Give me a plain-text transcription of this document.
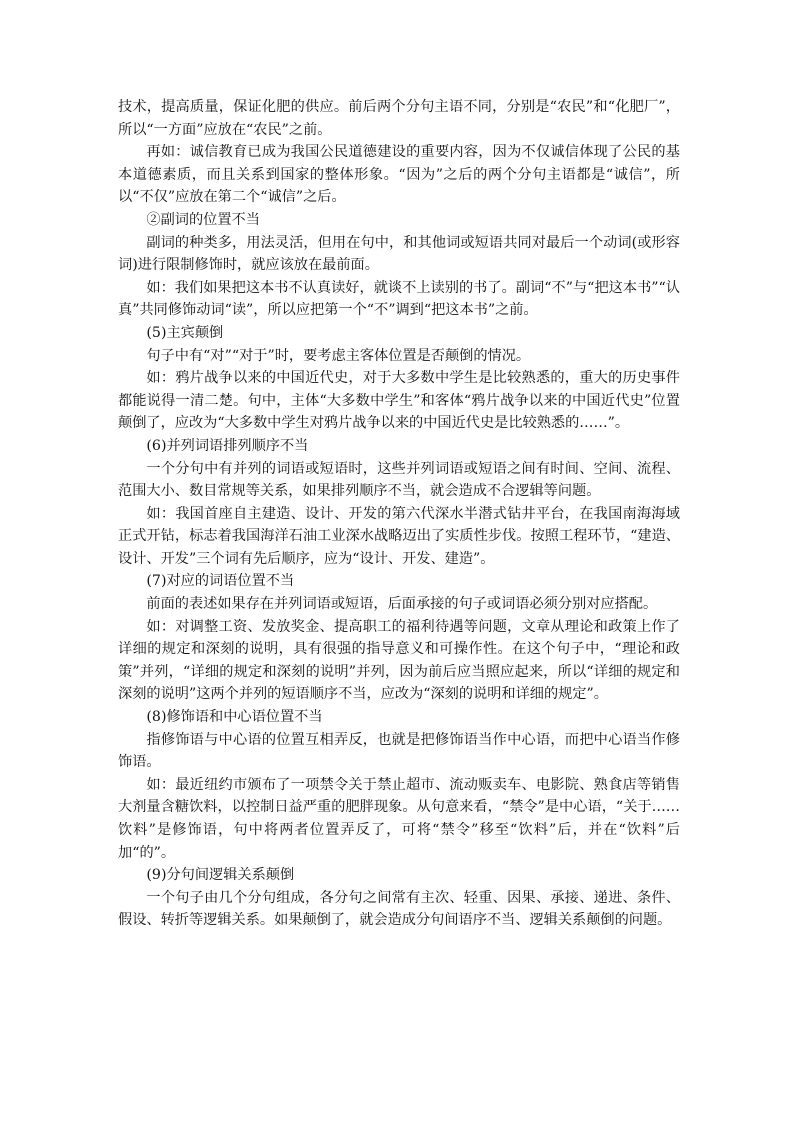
技术，提高质量，保证化肥的供应。前后两个分句主语不同，分别是“农民”和“化肥厂”，所以“一方面”应放在“农民”之前。

再如：诚信教育已成为我国公民道德建设的重要内容，因为不仅诚信体现了公民的基本道德素质，而且关系到国家的整体形象。“因为”之后的两个分句主语都是“诚信”，所以“不仅”应放在第二个“诚信”之后。

②副词的位置不当

副词的种类多，用法灵活，但用在句中，和其他词或短语共同对最后一个动词(或形容词)进行限制修饰时，就应该放在最前面。

如：我们如果把这本书不认真读好，就谈不上读别的书了。副词“不”与“把这本书”“认真”共同修饰动词“读”，所以应把第一个“不”调到“把这本书”之前。

(5)主宾颠倒

句子中有“对”“对于”时，要考虑主客体位置是否颠倒的情况。

如：鸦片战争以来的中国近代史，对于大多数中学生是比较熟悉的，重大的历史事件都能说得一清二楚。句中，主体“大多数中学生”和客体“鸦片战争以来的中国近代史”位置颠倒了，应改为“大多数中学生对鸦片战争以来的中国近代史是比较熟悉的……”。

(6)并列词语排列顺序不当

一个分句中有并列的词语或短语时，这些并列词语或短语之间有时间、空间、流程、范围大小、数目常规等关系，如果排列顺序不当，就会造成不合逻辑等问题。

如：我国首座自主建造、设计、开发的第六代深水半潜式钻井平台，在我国南海海域正式开钻，标志着我国海洋石油工业深水战略迈出了实质性步伐。按照工程环节，“建造、设计、开发”三个词有先后顺序，应为“设计、开发、建造”。

(7)对应的词语位置不当

前面的表述如果存在并列词语或短语，后面承接的句子或词语必须分别对应搭配。

如：对调整工资、发放奖金、提高职工的福利待遇等问题，文章从理论和政策上作了详细的规定和深刻的说明，具有很强的指导意义和可操作性。在这个句子中，“理论和政策”并列，“详细的规定和深刻的说明”并列，因为前后应当照应起来，所以“详细的规定和深刻的说明”这两个并列的短语顺序不当，应改为“深刻的说明和详细的规定”。

(8)修饰语和中心语位置不当

指修饰语与中心语的位置互相弄反，也就是把修饰语当作中心语，而把中心语当作修饰语。

如：最近纽约市颁布了一项禁令关于禁止超市、流动贩卖车、电影院、熟食店等销售大剂量含糖饮料，以控制日益严重的肥胖现象。从句意来看，“禁令”是中心语，“关于……饮料”是修饰语，句中将两者位置弄反了，可将“禁令”移至“饮料”后，并在“饮料”后加“的”。

(9)分句间逻辑关系颠倒

一个句子由几个分句组成，各分句之间常有主次、轻重、因果、承接、递进、条件、假设、转折等逻辑关系。如果颠倒了，就会造成分句间语序不当、逻辑关系颠倒的问题。
